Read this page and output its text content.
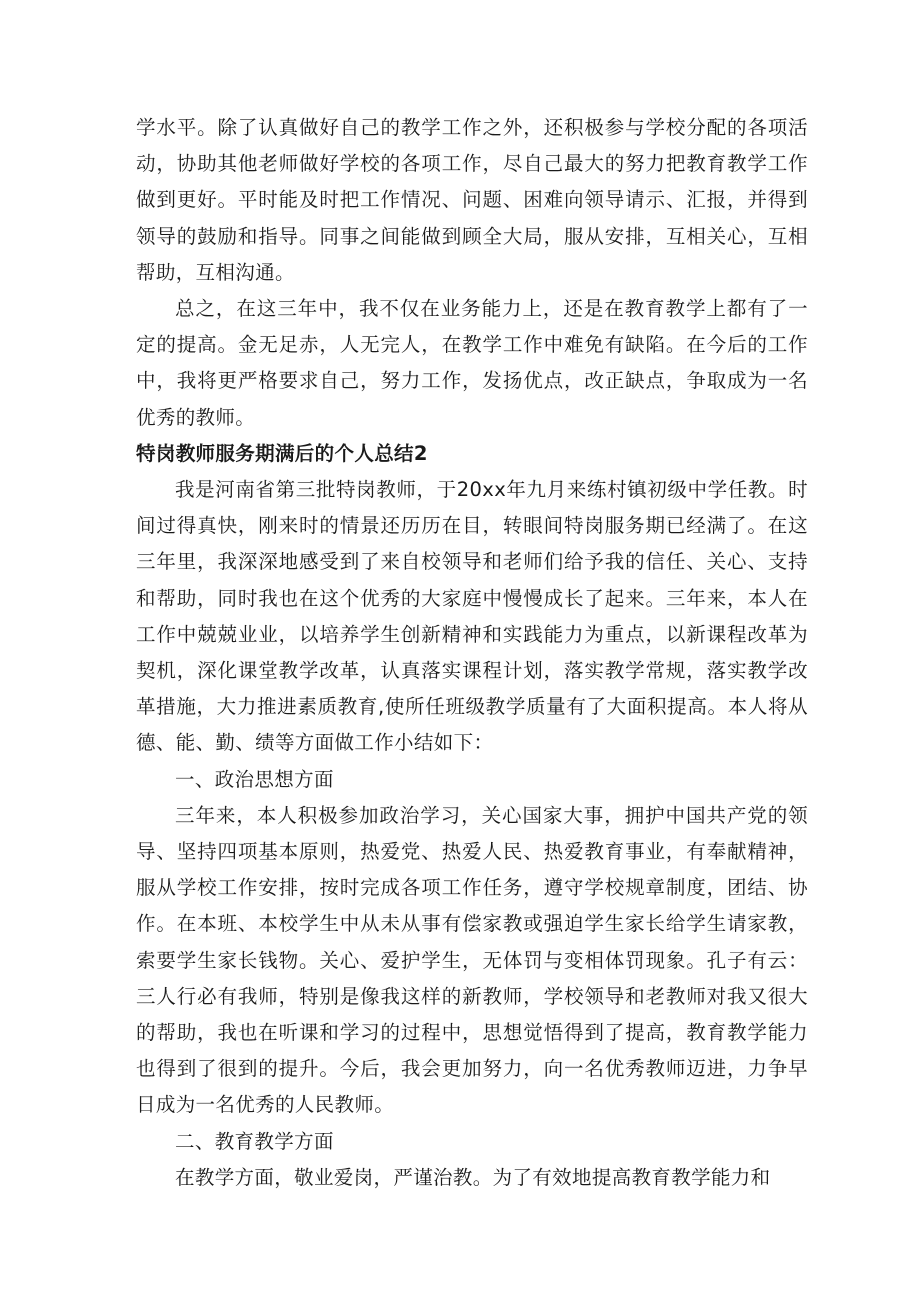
学水平。除了认真做好自己的教学工作之外，还积极参与学校分配的各项活动，协助其他老师做好学校的各项工作，尽自己最大的努力把教育教学工作做到更好。平时能及时把工作情况、问题、困难向领导请示、汇报，并得到领导的鼓励和指导。同事之间能做到顾全大局，服从安排，互相关心，互相帮助，互相沟通。

总之，在这三年中，我不仅在业务能力上，还是在教育教学上都有了一定的提高。金无足赤，人无完人，在教学工作中难免有缺陷。在今后的工作中，我将更严格要求自己，努力工作，发扬优点，改正缺点，争取成为一名优秀的教师。

特岗教师服务期满后的个人总结2

我是河南省第三批特岗教师，于20xx年九月来练村镇初级中学任教。时间过得真快，刚来时的情景还历历在目，转眼间特岗服务期已经满了。在这三年里，我深深地感受到了来自校领导和老师们给予我的信任、关心、支持和帮助，同时我也在这个优秀的大家庭中慢慢成长了起来。三年来，本人在工作中兢兢业业，以培养学生创新精神和实践能力为重点，以新课程改革为契机，深化课堂教学改革，认真落实课程计划，落实教学常规，落实教学改革措施，大力推进素质教育,使所任班级教学质量有了大面积提高。本人将从德、能、勤、绩等方面做工作小结如下：

一、政治思想方面

三年来，本人积极参加政治学习，关心国家大事，拥护中国共产党的领导、坚持四项基本原则，热爱党、热爱人民、热爱教育事业，有奉献精神，服从学校工作安排，按时完成各项工作任务，遵守学校规章制度，团结、协作。在本班、本校学生中从未从事有偿家教或强迫学生家长给学生请家教，索要学生家长钱物。关心、爱护学生，无体罚与变相体罚现象。孔子有云：三人行必有我师，特别是像我这样的新教师，学校领导和老教师对我又很大的帮助，我也在听课和学习的过程中，思想觉悟得到了提高，教育教学能力也得到了很到的提升。今后，我会更加努力，向一名优秀教师迈进，力争早日成为一名优秀的人民教师。

二、教育教学方面

在教学方面，敬业爱岗，严谨治教。为了有效地提高教育教学能力和
